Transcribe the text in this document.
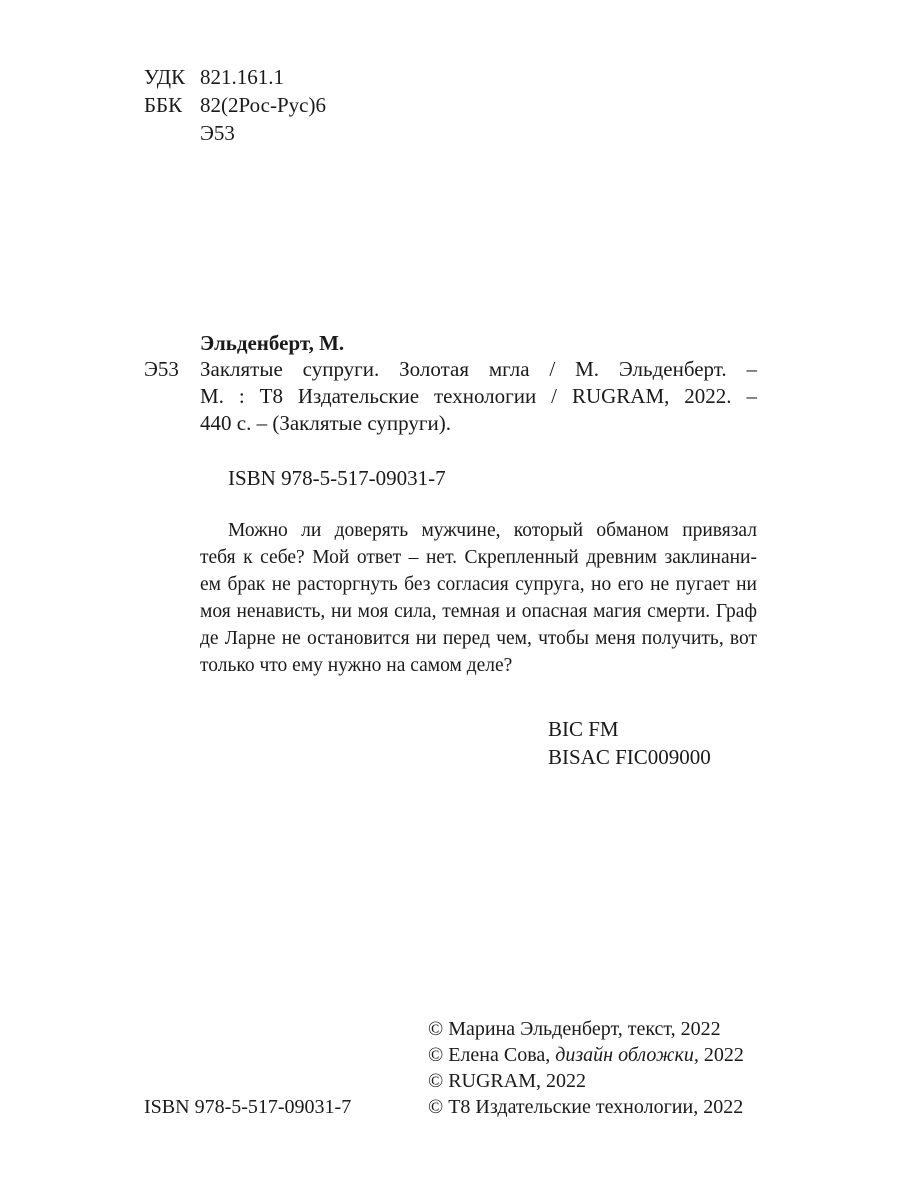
УДК 821.161.1
ББК 82(2Рос-Рус)6
Э53
Эльденберт, М.
Э53 Заклятые супруги. Золотая мгла / М. Эльденберт. –
М. : Т8 Издательские технологии / RUGRAM, 2022. –
440 с. – (Заклятые супруги).
ISBN 978-5-517-09031-7
Можно ли доверять мужчине, который обманом привязал
тебя к себе? Мой ответ – нет. Скрепленный древним заклинани-
ем брак не расторгнуть без согласия супруга, но его не пугает ни
моя ненависть, ни моя сила, темная и опасная магия смерти. Граф
де Ларне не остановится ни перед чем, чтобы меня получить, вот
только что ему нужно на самом деле?
BIC FM
BISAC FIC009000
© Марина Эльденберт, текст, 2022
© Елена Сова, дизайн обложки, 2022
© RUGRAM, 2022
© Т8 Издательские технологии, 2022
ISBN 978-5-517-09031-7
